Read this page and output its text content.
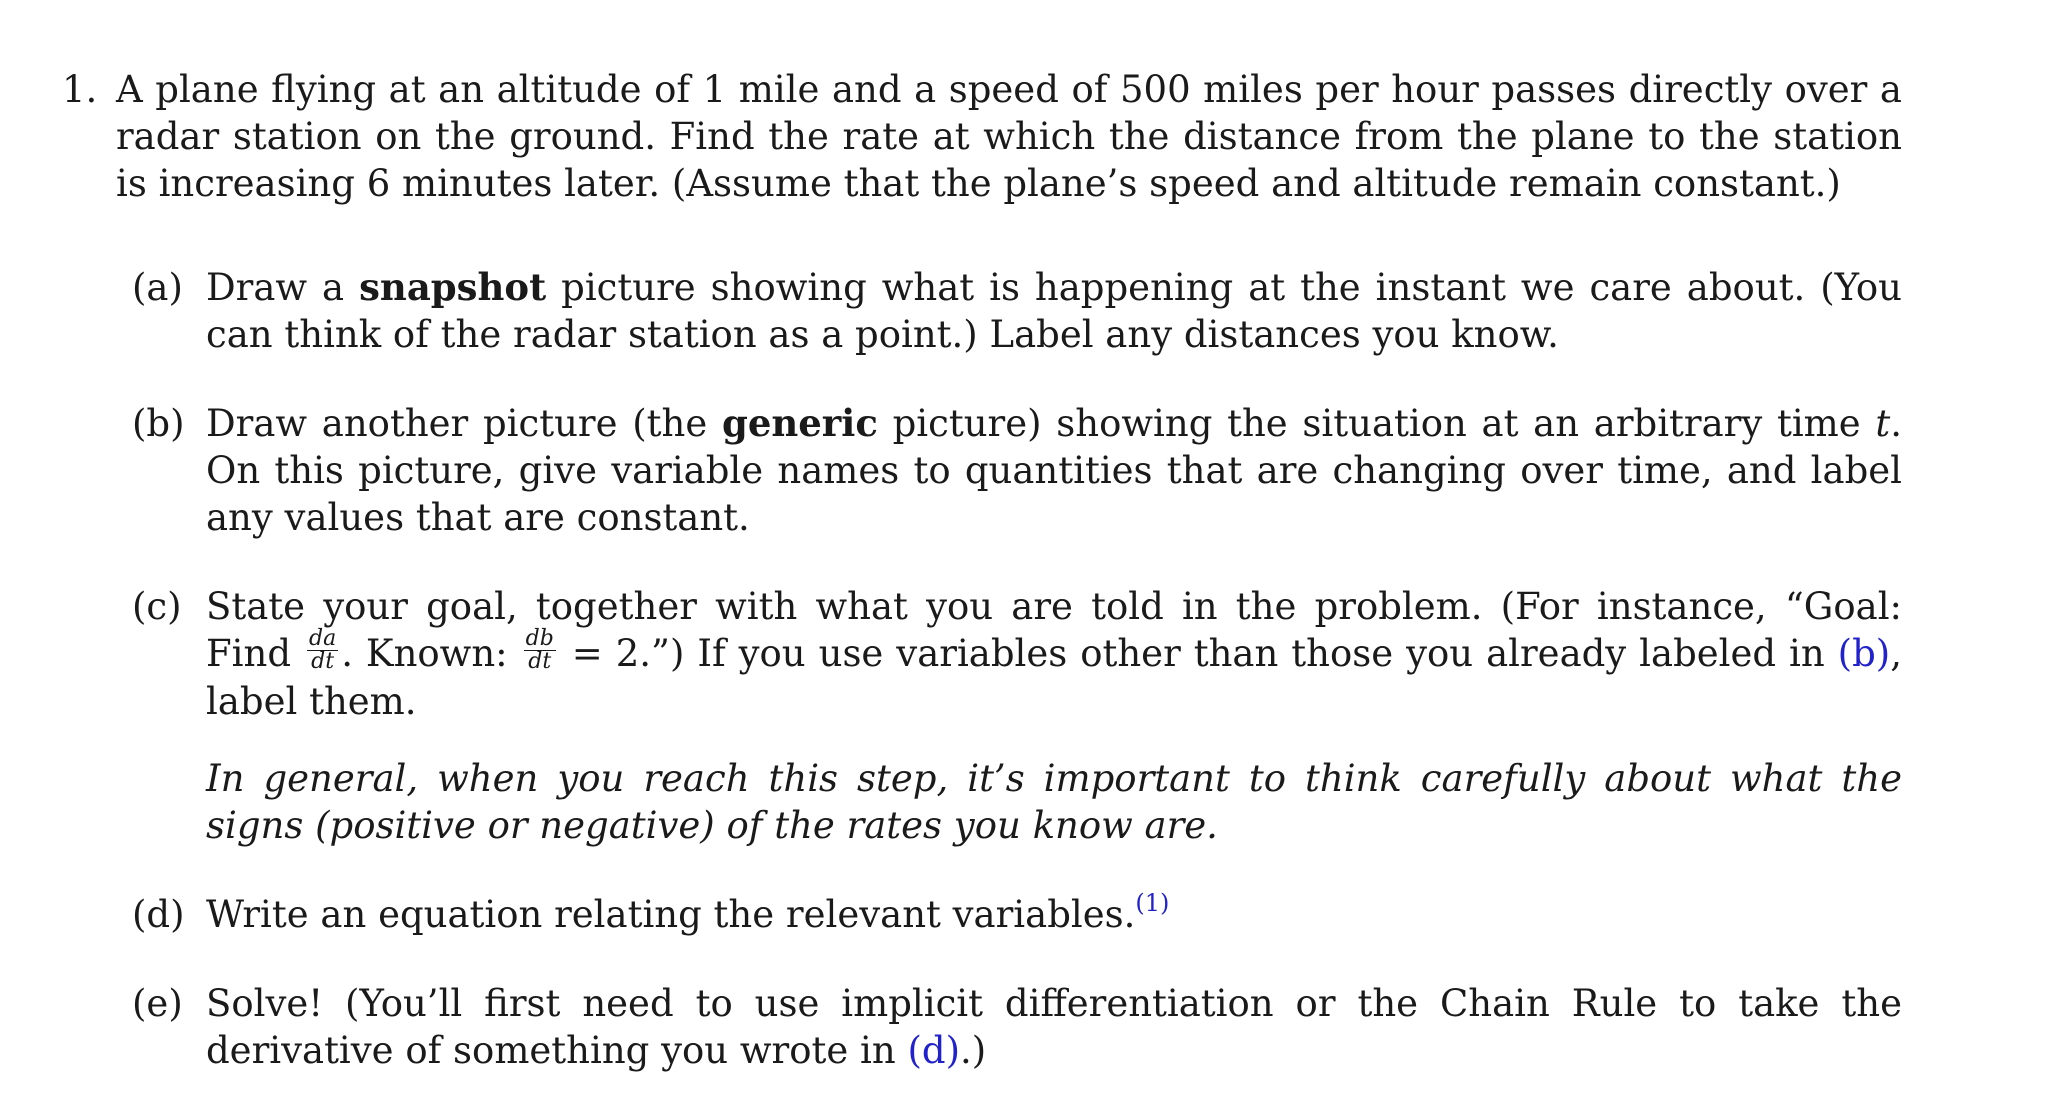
1. A plane flying at an altitude of 1 mile and a speed of 500 miles per hour passes directly over a radar station on the ground. Find the rate at which the distance from the plane to the station is increasing 6 minutes later. (Assume that the plane’s speed and altitude remain constant.)
(a) Draw a snapshot picture showing what is happening at the instant we care about. (You can think of the radar station as a point.) Label any distances you know.

(b) Draw another picture (the generic picture) showing the situation at an arbitrary time t. On this picture, give variable names to quantities that are changing over time, and label any values that are constant.

(c) State your goal, together with what you are told in the problem. (For instance, “Goal: Find $\frac{da}{dt}$ . Known: $\frac{db}{dt}$ = 2.”) If you use variables other than those you already labeled in (b), label them.

In general, when you reach this step, it’s important to think carefully about what the signs (positive or negative) of the rates you know are.

(d) Write an equation relating the relevant variables.$^{(1)}$

(e) Solve! (You’ll first need to use implicit differentiation or the Chain Rule to take the derivative of something you wrote in (d).)
